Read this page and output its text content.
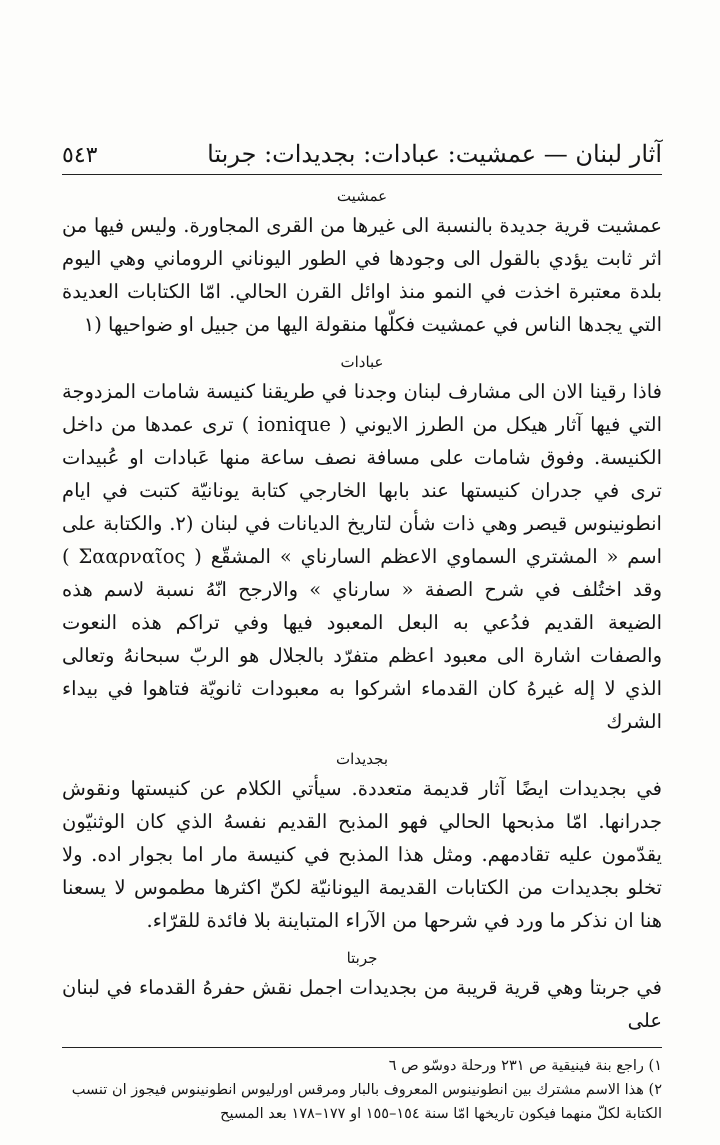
آثار لبنان — عمشيت: عبادات: بجديدات: جربتا
٥٤٣
عمشيت

عمشيت قرية جديدة بالنسبة الى غيرها من القرى المجاورة. وليس فيها من اثر ثابت يؤدي بالقول الى وجودها في الطور اليوناني الروماني وهي اليوم بلدة معتبرة اخذت في النمو منذ اوائل القرن الحالي. امّا الكتابات العديدة التي يجدها الناس في عمشيت فكلّها منقولة اليها من جبيل او ضواحيها (١

عبادات

فاذا رقينا الان الى مشارف لبنان وجدنا في طريقنا كنيسة شامات المزدوجة التي فيها آثار هيكل من الطرز الايوني ( ionique ) ترى عمدها من داخل الكنيسة. وفوق شامات على مسافة نصف ساعة منها عَبادات او عُبيدات ترى في جدران كنيستها عند بابها الخارجي كتابة يونانيّة كتبت في ايام انطونينوس قيصر وهي ذات شأن لتاريخ الديانات في لبنان (٢. والكتابة على اسم « المشتري السماوي الاعظم السارناي » المشقّع ( Σααρναῖος ) وقد اختُلف في شرح الصفة « سارناي » والارجح انّهُ نسبة لاسم هذه الضيعة القديم فدُعي به البعل المعبود فيها وفي تراكم هذه النعوت والصفات اشارة الى معبود اعظم متفرّد بالجلال هو الربّ سبحانهُ وتعالى الذي لا إله غيرهُ كان القدماء اشركوا به معبودات ثانويّة فتاهوا في بيداء الشرك

بجديدات

في بجديدات ايضًا آثار قديمة متعددة. سيأتي الكلام عن كنيستها ونقوش جدرانها. امّا مذبحها الحالي فهو المذبح القديم نفسهُ الذي كان الوثنيّون يقدّمون عليه تقادمهم. ومثل هذا المذبح في كنيسة مار اما بجوار اده. ولا تخلو بجديدات من الكتابات القديمة اليونانيّة لكنّ اكثرها مطموس لا يسعنا هنا ان نذكر ما ورد في شرحها من الآراء المتباينة بلا فائدة للقرّاء.

جربتا

في جربتا وهي قرية قريبة من بجديدات اجمل نقش حفرهُ القدماء في لبنان على

١) راجع بنة فينيقية ص ٢٣١ ورحلة دوسّو ص ٦

٢) هذا الاسم مشترك بين انطونينوس المعروف بالبار ومرقس اورليوس انطونينوس فيجوز ان تنسب الكتابة لكلّ منهما فيكون تاريخها امّا سنة ١٥٤–١٥٥ او ١٧٧–١٧٨ بعد المسيح
